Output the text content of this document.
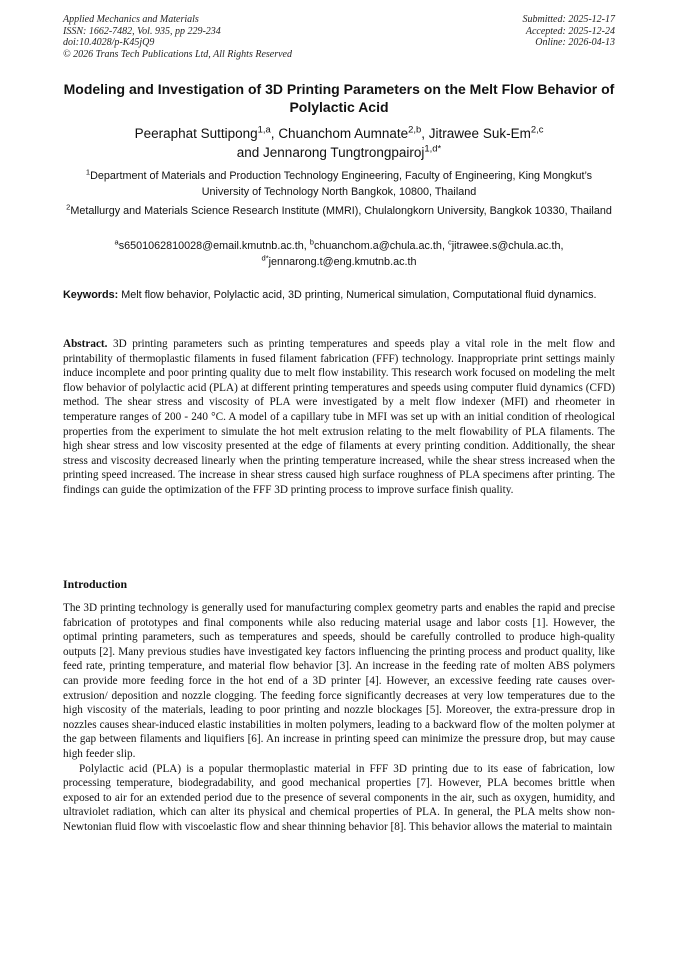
Applied Mechanics and Materials
ISSN: 1662-7482, Vol. 935, pp 229-234
doi:10.4028/p-K45jQ9
© 2026 Trans Tech Publications Ltd, All Rights Reserved
Submitted: 2025-12-17
Accepted: 2025-12-24
Online: 2026-04-13
Modeling and Investigation of 3D Printing Parameters on the Melt Flow Behavior of Polylactic Acid
Peeraphat Suttipong$^{1,a}$, Chuanchom Aumnate$^{2,b}$, Jitrawee Suk-Em$^{2,c}$
and Jennarong Tungtrongpairoj$^{1,d*}$
$^1$Department of Materials and Production Technology Engineering, Faculty of Engineering, King Mongkut’s University of Technology North Bangkok, 10800, Thailand
$^2$Metallurgy and Materials Science Research Institute (MMRI), Chulalongkorn University, Bangkok 10330, Thailand
$^a$s6501062810028@email.kmutnb.ac.th, $^b$chuanchom.a@chula.ac.th, $^c$jitrawee.s@chula.ac.th,
$^{d*}$jennarong.t@eng.kmutnb.ac.th
Keywords: Melt flow behavior, Polylactic acid, 3D printing, Numerical simulation, Computational fluid dynamics.
Abstract. 3D printing parameters such as printing temperatures and speeds play a vital role in the melt flow and printability of thermoplastic filaments in fused filament fabrication (FFF) technology. Inappropriate print settings mainly induce incomplete and poor printing quality due to melt flow instability. This research work focused on modeling the melt flow behavior of polylactic acid (PLA) at different printing temperatures and speeds using computer fluid dynamics (CFD) method. The shear stress and viscosity of PLA were investigated by a melt flow indexer (MFI) and rheometer in temperature ranges of 200 - 240 °C. A model of a capillary tube in MFI was set up with an initial condition of rheological properties from the experiment to simulate the hot melt extrusion relating to the melt flowability of PLA filaments. The high shear stress and low viscosity presented at the edge of filaments at every printing condition. Additionally, the shear stress and viscosity decreased linearly when the printing temperature increased, while the shear stress increased when the printing speed increased. The increase in shear stress caused high surface roughness of PLA specimens after printing. The findings can guide the optimization of the FFF 3D printing process to improve surface finish quality.
Introduction

The 3D printing technology is generally used for manufacturing complex geometry parts and enables the rapid and precise fabrication of prototypes and final components while also reducing material usage and labor costs [1]. However, the optimal printing parameters, such as temperatures and speeds, should be carefully controlled to produce high-quality outputs [2]. Many previous studies have investigated key factors influencing the printing process and product quality, like feed rate, printing temperature, and material flow behavior [3]. An increase in the feeding rate of molten ABS polymers can provide more feeding force in the hot end of a 3D printer [4]. However, an excessive feeding rate causes over-extrusion/ deposition and nozzle clogging. The feeding force significantly decreases at very low temperatures due to the high viscosity of the materials, leading to poor printing and nozzle blockages [5]. Moreover, the extra-pressure drop in nozzles causes shear-induced elastic instabilities in molten polymers, leading to a backward flow of the molten polymer at the gap between filaments and liquifiers [6]. An increase in printing speed can minimize the pressure drop, but may cause high feeder slip.

Polylactic acid (PLA) is a popular thermoplastic material in FFF 3D printing due to its ease of fabrication, low processing temperature, biodegradability, and good mechanical properties [7]. However, PLA becomes brittle when exposed to air for an extended period due to the presence of several components in the air, such as oxygen, humidity, and ultraviolet radiation, which can alter its physical and chemical properties of PLA. In general, the PLA melts show non-Newtonian fluid flow with viscoelastic flow and shear thinning behavior [8]. This behavior allows the material to maintain
